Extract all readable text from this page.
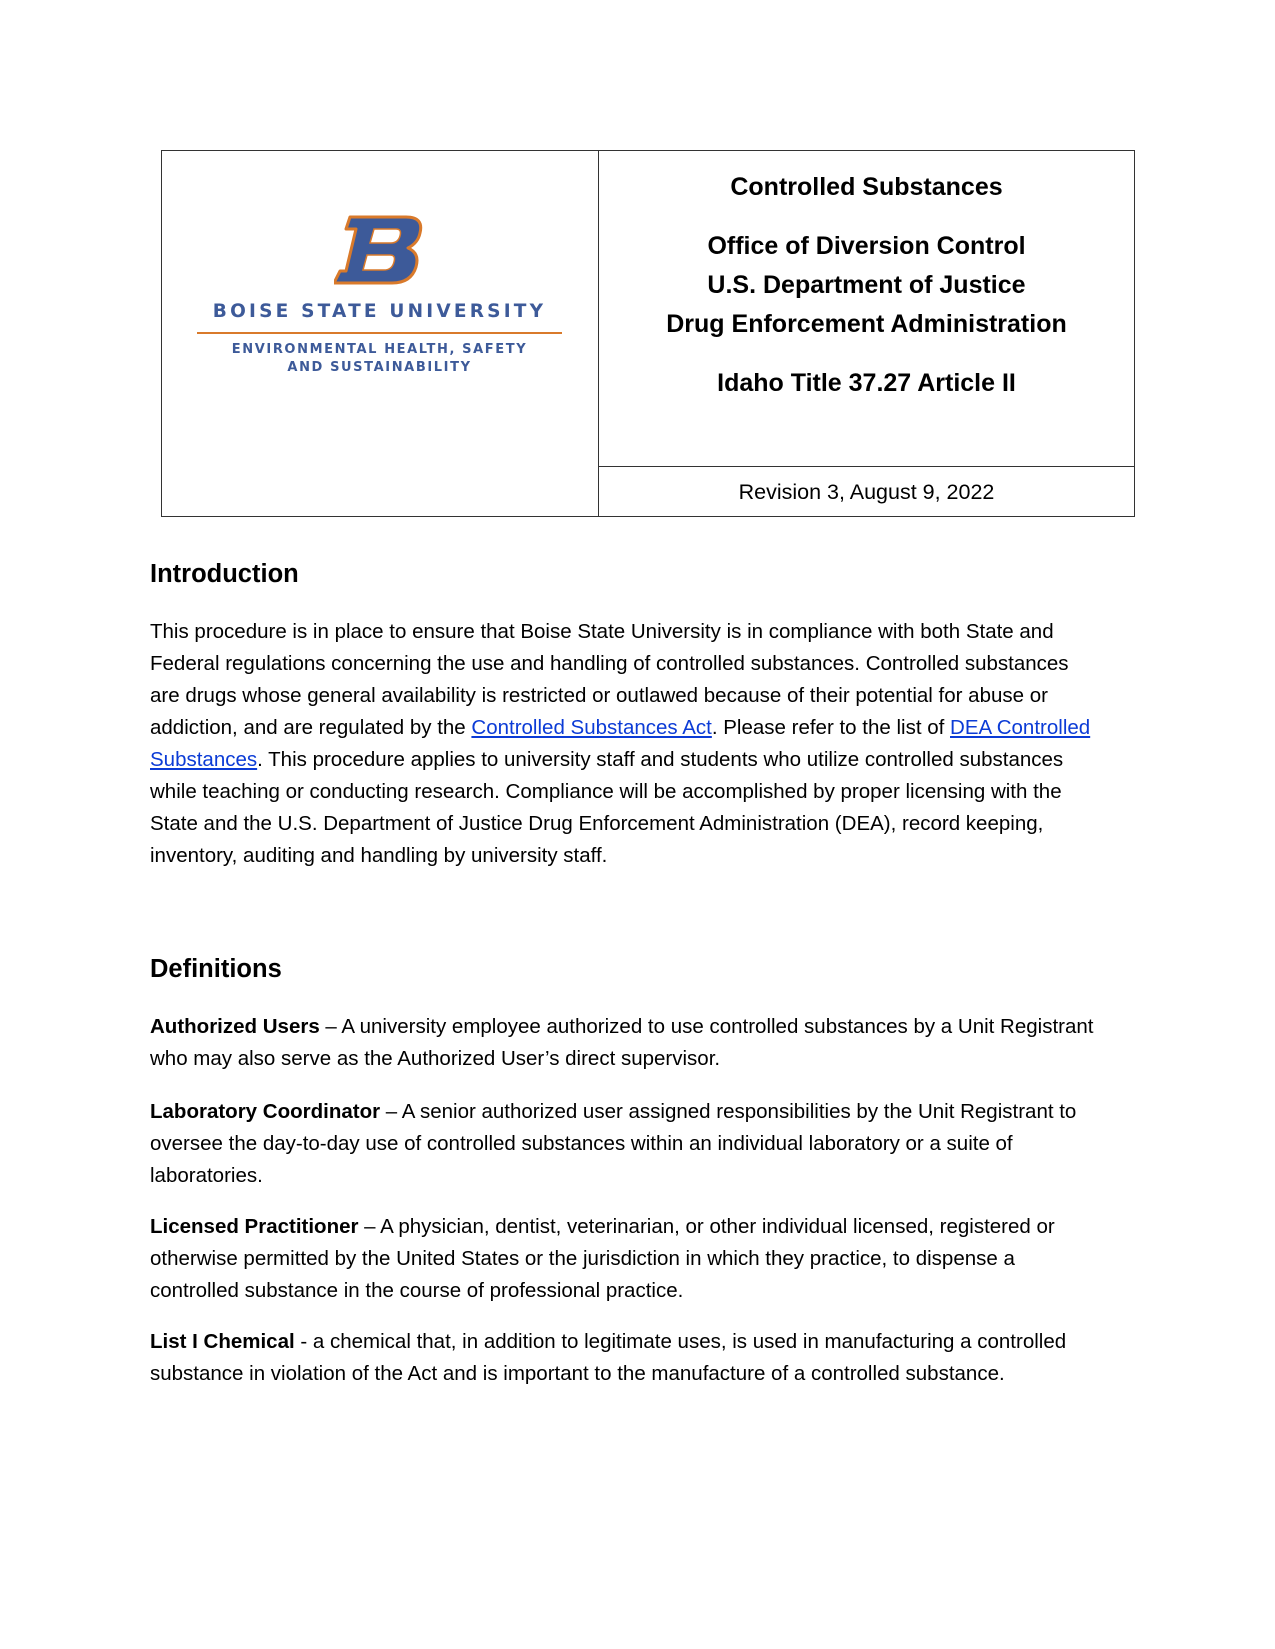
BOISE STATE UNIVERSITY
ENVIRONMENTAL HEALTH, SAFETY
AND SUSTAINABILITY
Controlled Substances
Office of Diversion Control
U.S. Department of Justice
Drug Enforcement Administration
Idaho Title 37.27 Article II
Revision 3, August 9, 2022
Introduction
This procedure is in place to ensure that Boise State University is in compliance with both State and
Federal regulations concerning the use and handling of controlled substances. Controlled substances
are drugs whose general availability is restricted or outlawed because of their potential for abuse or
addiction, and are regulated by the Controlled Substances Act. Please refer to the list of DEA Controlled
Substances. This procedure applies to university staff and students who utilize controlled substances
while teaching or conducting research. Compliance will be accomplished by proper licensing with the
State and the U.S. Department of Justice Drug Enforcement Administration (DEA), record keeping,
inventory, auditing and handling by university staff.
Definitions
Authorized Users – A university employee authorized to use controlled substances by a Unit Registrant
who may also serve as the Authorized User’s direct supervisor.
Laboratory Coordinator – A senior authorized user assigned responsibilities by the Unit Registrant to
oversee the day-to-day use of controlled substances within an individual laboratory or a suite of
laboratories.
Licensed Practitioner – A physician, dentist, veterinarian, or other individual licensed, registered or
otherwise permitted by the United States or the jurisdiction in which they practice, to dispense a
controlled substance in the course of professional practice.
List I Chemical - a chemical that, in addition to legitimate uses, is used in manufacturing a controlled
substance in violation of the Act and is important to the manufacture of a controlled substance.
